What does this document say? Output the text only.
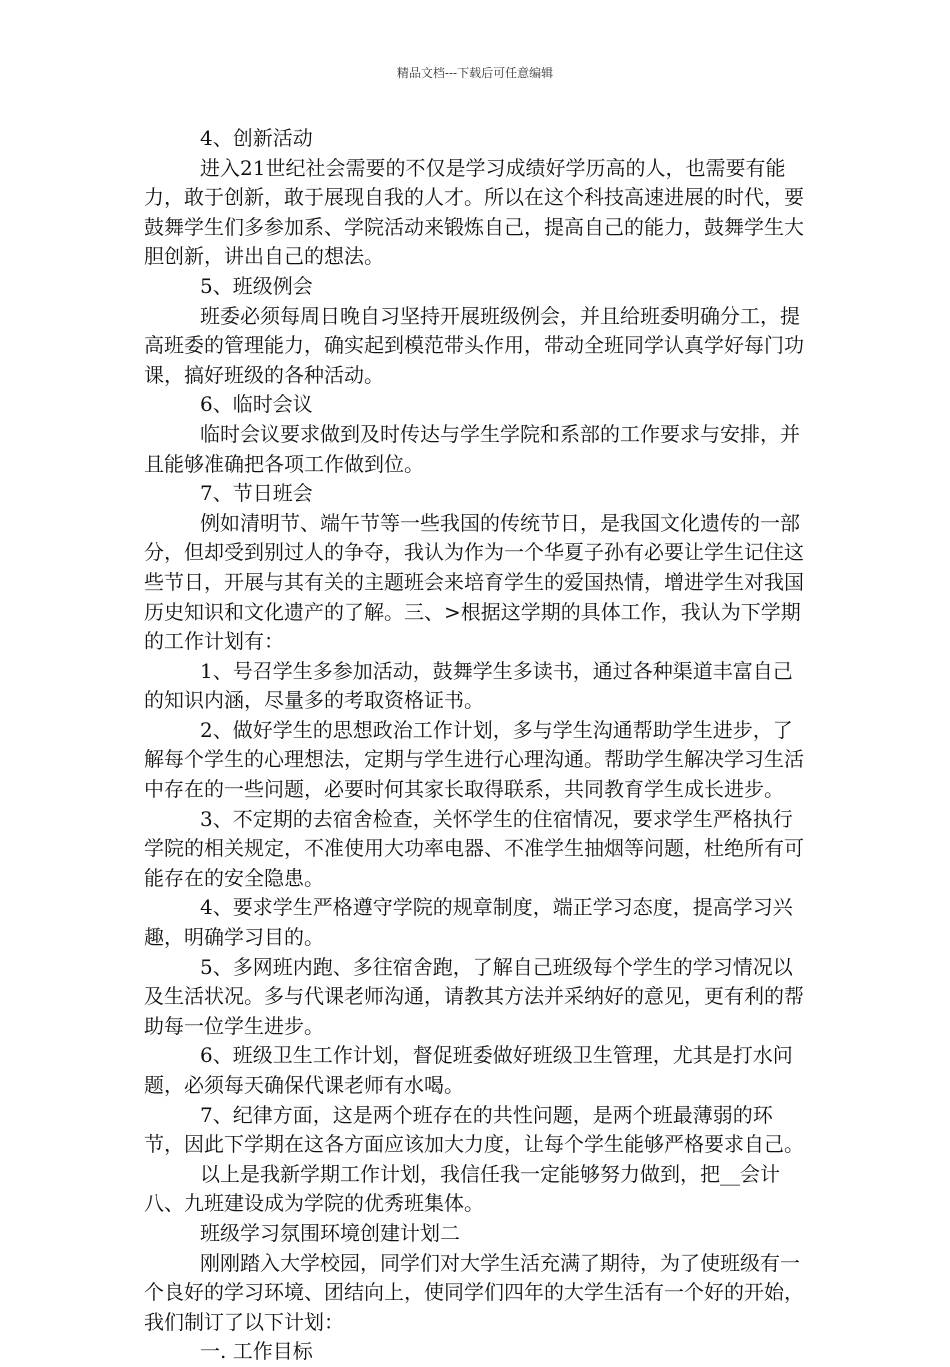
精品文档---下载后可任意编辑

4、创新活动

进入21世纪社会需要的不仅是学习成绩好学历高的人，也需要有能力，敢于创新，敢于展现自我的人才。所以在这个科技高速进展的时代，要鼓舞学生们多参加系、学院活动来锻炼自己，提高自己的能力，鼓舞学生大胆创新，讲出自己的想法。

5、班级例会

班委必须每周日晚自习坚持开展班级例会，并且给班委明确分工，提高班委的管理能力，确实起到模范带头作用，带动全班同学认真学好每门功课，搞好班级的各种活动。

6、临时会议

临时会议要求做到及时传达与学生学院和系部的工作要求与安排，并且能够准确把各项工作做到位。

7、节日班会

例如清明节、端午节等一些我国的传统节日，是我国文化遗传的一部分，但却受到别过人的争夺，我认为作为一个华夏子孙有必要让学生记住这些节日，开展与其有关的主题班会来培育学生的爱国热情，增进学生对我国历史知识和文化遗产的了解。三、>根据这学期的具体工作，我认为下学期的工作计划有：

1、号召学生多参加活动，鼓舞学生多读书，通过各种渠道丰富自己的知识内涵，尽量多的考取资格证书。

2、做好学生的思想政治工作计划，多与学生沟通帮助学生进步，了解每个学生的心理想法，定期与学生进行心理沟通。帮助学生解决学习生活中存在的一些问题，必要时何其家长取得联系，共同教育学生成长进步。

3、不定期的去宿舍检查，关怀学生的住宿情况，要求学生严格执行学院的相关规定，不准使用大功率电器、不准学生抽烟等问题，杜绝所有可能存在的安全隐患。

4、要求学生严格遵守学院的规章制度，端正学习态度，提高学习兴趣，明确学习目的。

5、多网班内跑、多往宿舍跑，了解自己班级每个学生的学习情况以及生活状况。多与代课老师沟通，请教其方法并采纳好的意见，更有利的帮助每一位学生进步。

6、班级卫生工作计划，督促班委做好班级卫生管理，尤其是打水问题，必须每天确保代课老师有水喝。

7、纪律方面，这是两个班存在的共性问题，是两个班最薄弱的环节，因此下学期在这各方面应该加大力度，让每个学生能够严格要求自己。

以上是我新学期工作计划，我信任我一定能够努力做到，把__会计八、九班建设成为学院的优秀班集体。

班级学习氛围环境创建计划二

刚刚踏入大学校园，同学们对大学生活充满了期待，为了使班级有一个良好的学习环境、团结向上，使同学们四年的大学生活有一个好的开始，我们制订了以下计划：

一. 工作目标
